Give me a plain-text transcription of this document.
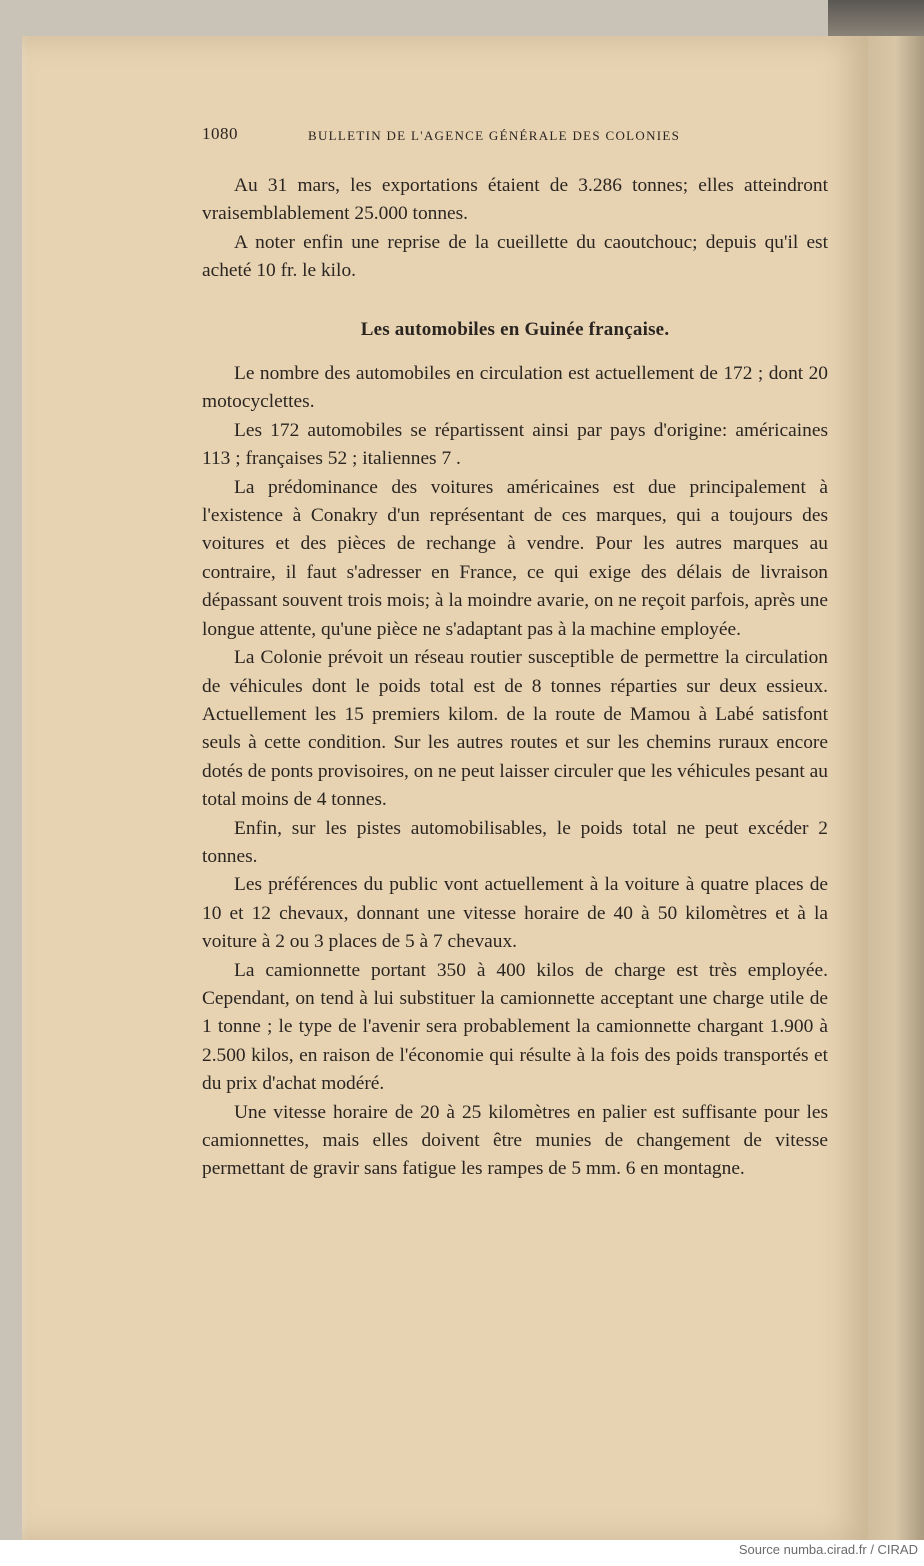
1080	BULLETIN DE L'AGENCE GÉNÉRALE DES COLONIES

Au 31 mars, les exportations étaient de 3.286 tonnes; elles atteindront vraisemblablement 25.000 tonnes.

A noter enfin une reprise de la cueillette du caoutchouc; depuis qu'il est acheté 10 fr. le kilo.

Les automobiles en Guinée française.

Le nombre des automobiles en circulation est actuellement de 172 ; dont 20 motocyclettes.

Les 172 automobiles se répartissent ainsi par pays d'origine: américaines 113 ; françaises 52 ; italiennes 7 .

La prédominance des voitures américaines est due principalement à l'existence à Conakry d'un représentant de ces marques, qui a toujours des voitures et des pièces de rechange à vendre. Pour les autres marques au contraire, il faut s'adresser en France, ce qui exige des délais de livraison dépassant souvent trois mois; à la moindre avarie, on ne reçoit parfois, après une longue attente, qu'une pièce ne s'adaptant pas à la machine employée.

La Colonie prévoit un réseau routier susceptible de permettre la circulation de véhicules dont le poids total est de 8 tonnes réparties sur deux essieux. Actuellement les 15 premiers kilom. de la route de Mamou à Labé satisfont seuls à cette condition. Sur les autres routes et sur les chemins ruraux encore dotés de ponts provisoires, on ne peut laisser circuler que les véhicules pesant au total moins de 4 tonnes.

Enfin, sur les pistes automobilisables, le poids total ne peut excéder 2 tonnes.

Les préférences du public vont actuellement à la voiture à quatre places de 10 et 12 chevaux, donnant une vitesse horaire de 40 à 50 kilomètres et à la voiture à 2 ou 3 places de 5 à 7 chevaux.

La camionnette portant 350 à 400 kilos de charge est très employée. Cependant, on tend à lui substituer la camionnette acceptant une charge utile de 1 tonne ; le type de l'avenir sera probablement la camionnette chargant 1.900 à 2.500 kilos, en raison de l'économie qui résulte à la fois des poids transportés et du prix d'achat modéré.

Une vitesse horaire de 20 à 25 kilomètres en palier est suffisante pour les camionnettes, mais elles doivent être munies de changement de vitesse permettant de gravir sans fatigue les rampes de 5 mm. 6 en montagne.

Source numba.cirad.fr / CIRAD
